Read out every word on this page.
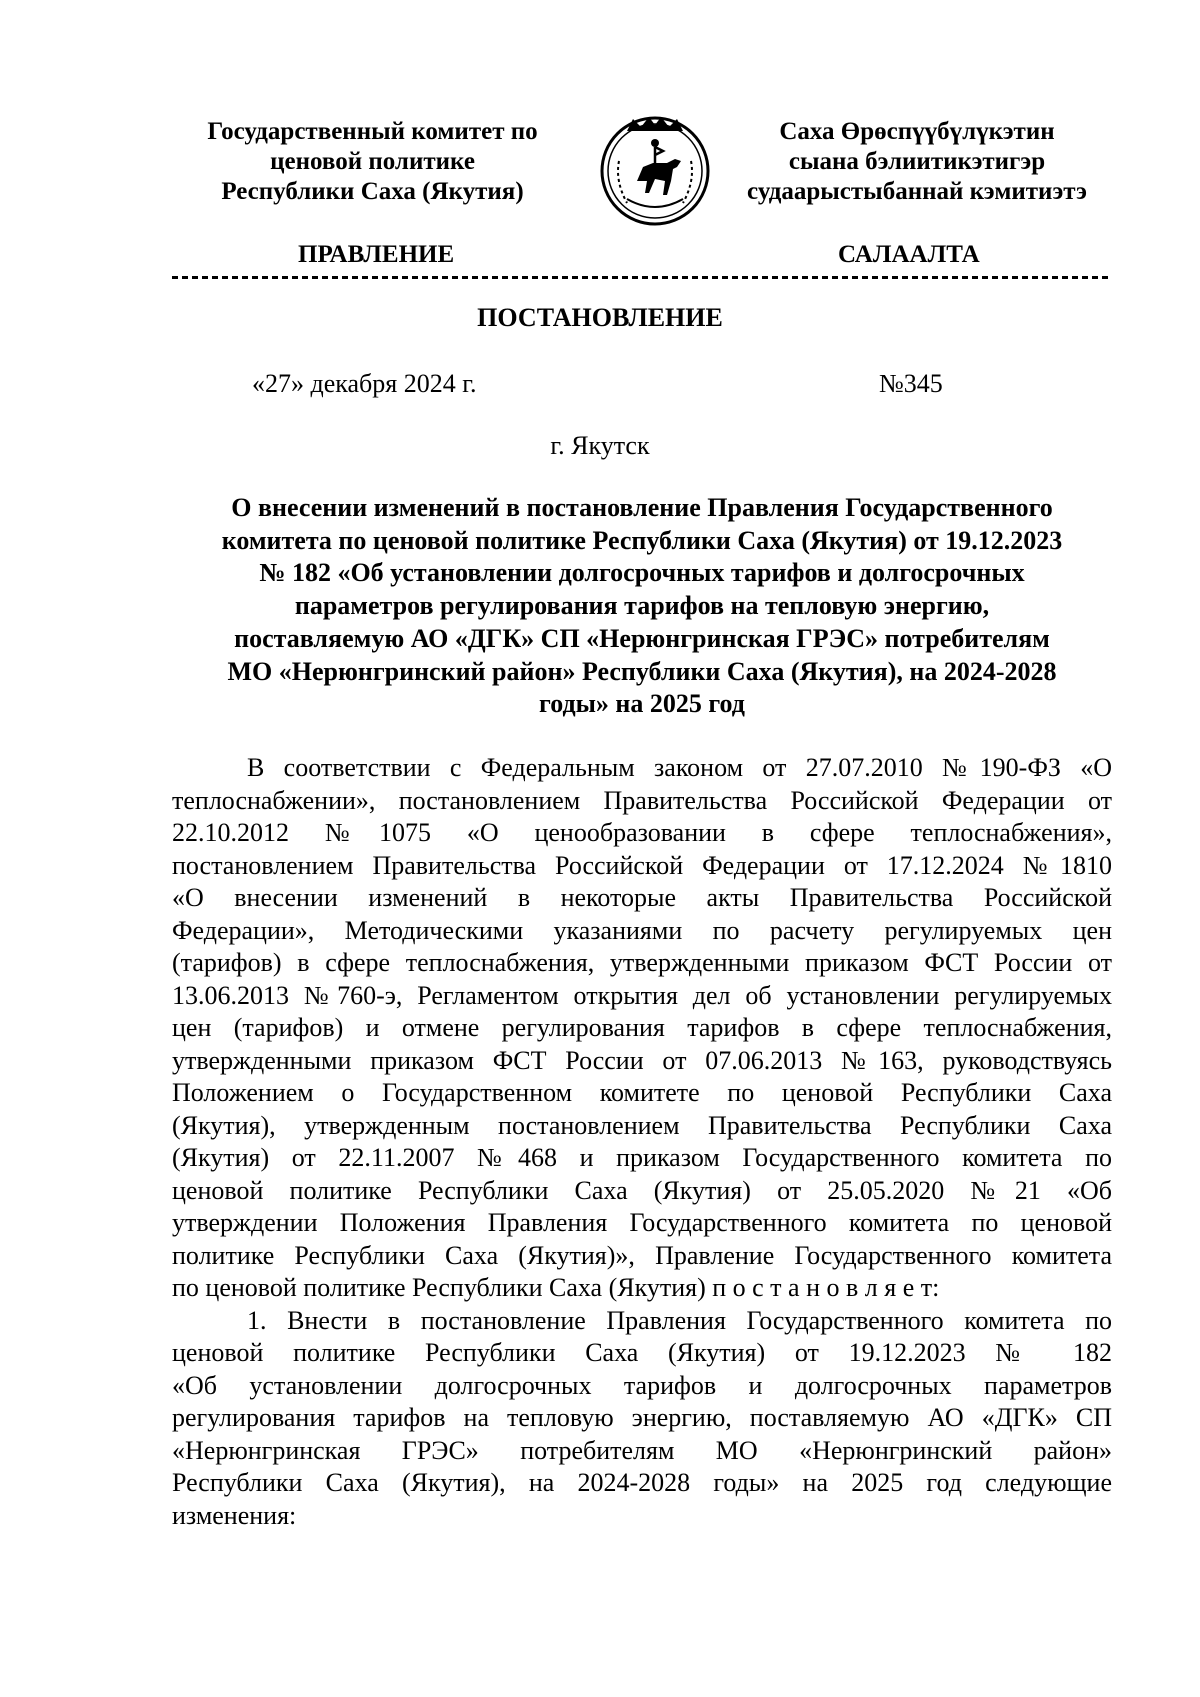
Государственный комитет по
ценовой политике
Республики Саха (Якутия)
Саха Өрөспүүбүлүкэтин
сыана бэлиитикэтигэр
судаарыстыбаннай кэмитиэтэ
ПРАВЛЕНИЕ	САЛААЛТА
ПОСТАНОВЛЕНИЕ
«27» декабря 2024 г.	№345
г. Якутск
О внесении изменений в постановление Правления Государственного
комитета по ценовой политике Республики Саха (Якутия) от 19.12.2023
№ 182 «Об установлении долгосрочных тарифов и долгосрочных
параметров регулирования тарифов на тепловую энергию,
поставляемую АО «ДГК» СП «Нерюнгринская ГРЭС» потребителям
МО «Нерюнгринский район» Республики Саха (Якутия), на 2024-2028
годы» на 2025 год
В соответствии с Федеральным законом от 27.07.2010 №190-ФЗ «О
теплоснабжении», постановлением Правительства Российской Федерации от
22.10.2012 №1075 «О ценообразовании в сфере теплоснабжения»,
постановлением Правительства Российской Федерации от 17.12.2024 №1810
«О внесении изменений в некоторые акты Правительства Российской
Федерации», Методическими указаниями по расчету регулируемых цен
(тарифов) в сфере теплоснабжения, утвержденными приказом ФСТ России от
13.06.2013 №760-э, Регламентом открытия дел об установлении регулируемых
цен (тарифов) и отмене регулирования тарифов в сфере теплоснабжения,
утвержденными приказом ФСТ России от 07.06.2013 №163, руководствуясь
Положением о Государственном комитете по ценовой Республики Саха
(Якутия), утвержденным постановлением Правительства Республики Саха
(Якутия) от 22.11.2007 №468 и приказом Государственного комитета по
ценовой политике Республики Саха (Якутия) от 25.05.2020 №21 «Об
утверждении Положения Правления Государственного комитета по ценовой
политике Республики Саха (Якутия)», Правление Государственного комитета
по ценовой политике Республики Саха (Якутия) п о с т а н о в л я е т:
1. Внести в постановление Правления Государственного комитета по
ценовой политике Республики Саха (Якутия) от 19.12.2023 № 182
«Об установлении долгосрочных тарифов и долгосрочных параметров
регулирования тарифов на тепловую энергию, поставляемую АО «ДГК» СП
«Нерюнгринская ГРЭС» потребителям МО «Нерюнгринский район»
Республики Саха (Якутия), на 2024-2028 годы» на 2025 год следующие
изменения:
